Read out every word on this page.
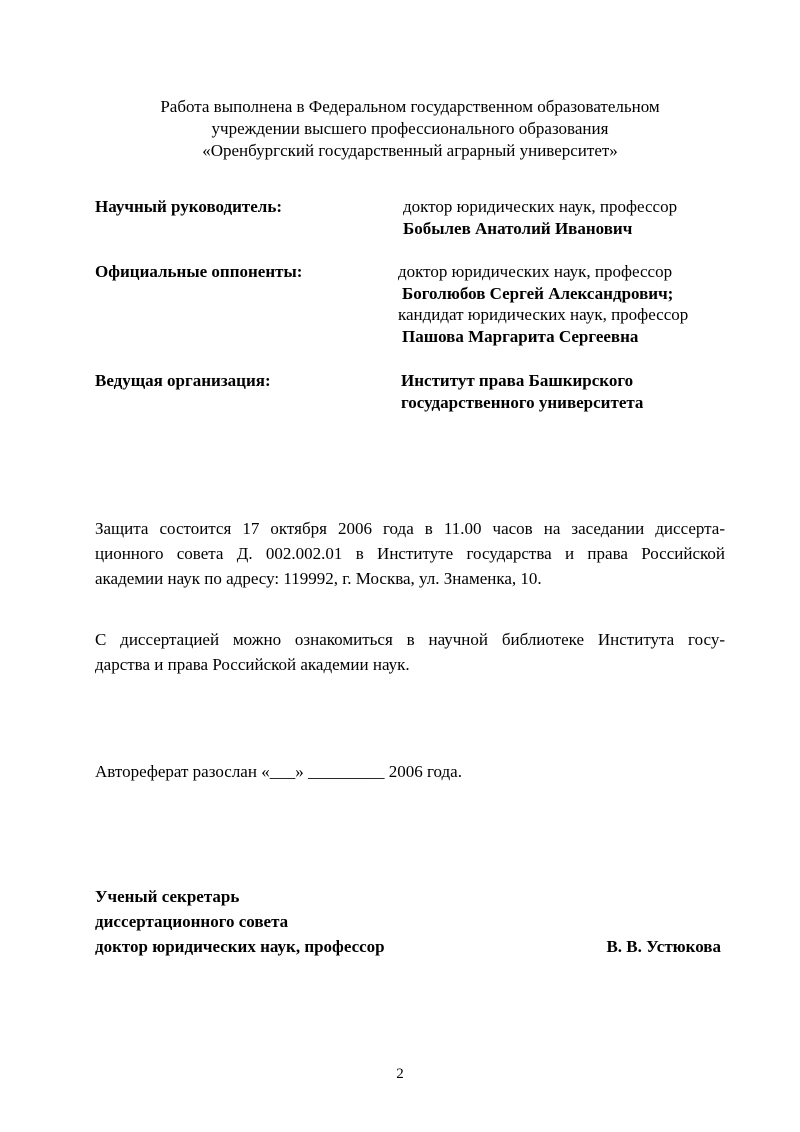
Работа выполнена в Федеральном государственном образовательном
учреждении высшего профессионального образования
«Оренбургский государственный аграрный университет»
Научный руководитель:	доктор юридических наук, профессор
Бобылев Анатолий Иванович
Официальные оппоненты:	доктор юридических наук, профессор
Боголюбов Сергей Александрович;
кандидат юридических наук, профессор
Пашова Маргарита Сергеевна
Ведущая организация:	Институт права Башкирского
государственного университета
Защита состоится 17 октября 2006 года в 11.00 часов на заседании диссерта-
ционного совета Д. 002.002.01 в Институте государства и права Российской
академии наук по адресу: 119992, г. Москва, ул. Знаменка, 10.
С диссертацией можно ознакомиться в научной библиотеке Института госу-
дарства и права Российской академии наук.
Автореферат разослан «___» _________ 2006 года.
Ученый секретарь
диссертационного совета
доктор юридических наук, профессор	В. В. Устюкова
2
